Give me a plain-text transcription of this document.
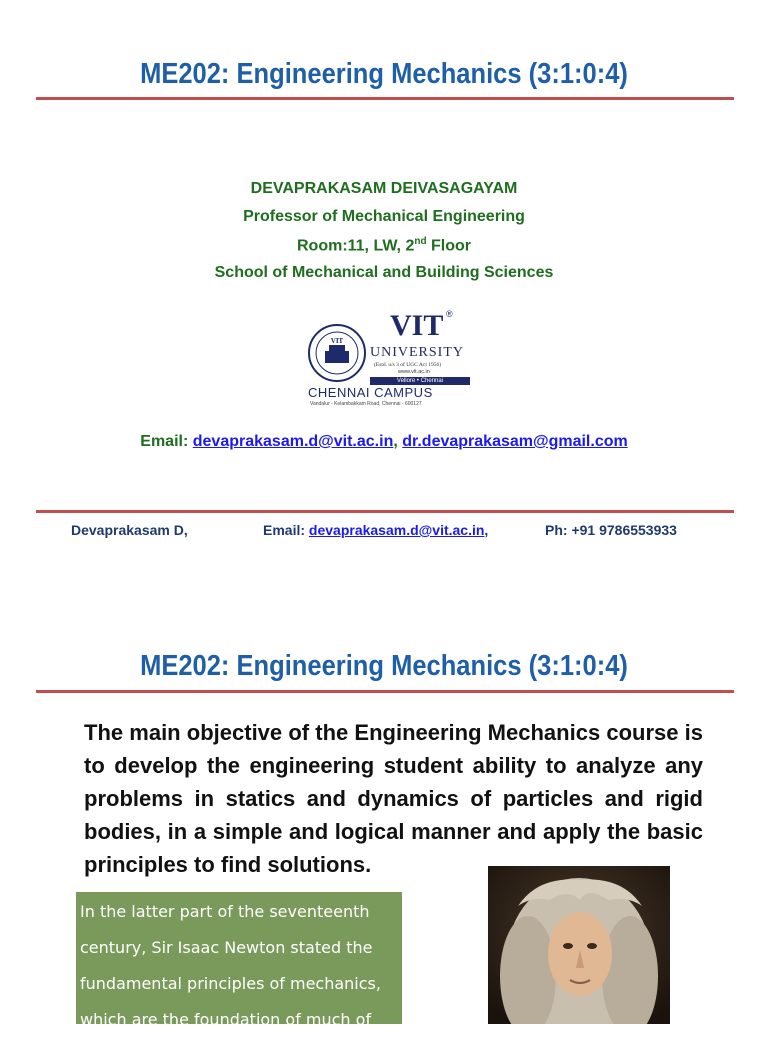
ME202: Engineering Mechanics (3:1:0:4)
DEVAPRAKASAM DEIVASAGAYAM
Professor of Mechanical Engineering
Room:11, LW, 2nd Floor
School of Mechanical and Building Sciences
VIT VIT ®
UNIVERSITY
(Estd. u/s 3 of UGC Act 1956)
www.vit.ac.in
Vellore • Chennai
CHENNAI CAMPUS
Vandalur - Kelambakkam Road, Chennai - 600127
Email: devaprakasam.d@vit.ac.in, dr.devaprakasam@gmail.com
Devaprakasam D,	Email: devaprakasam.d@vit.ac.in,	Ph: +91 9786553933
ME202: Engineering Mechanics (3:1:0:4)
The main objective of the Engineering Mechanics course is to develop the engineering student ability to analyze any problems in statics and dynamics of particles and rigid bodies, in a simple and logical manner and apply the basic principles to find solutions.
In the latter part of the seventeenth
century, Sir Isaac Newton stated the
fundamental principles of mechanics,
which are the foundation of much of
